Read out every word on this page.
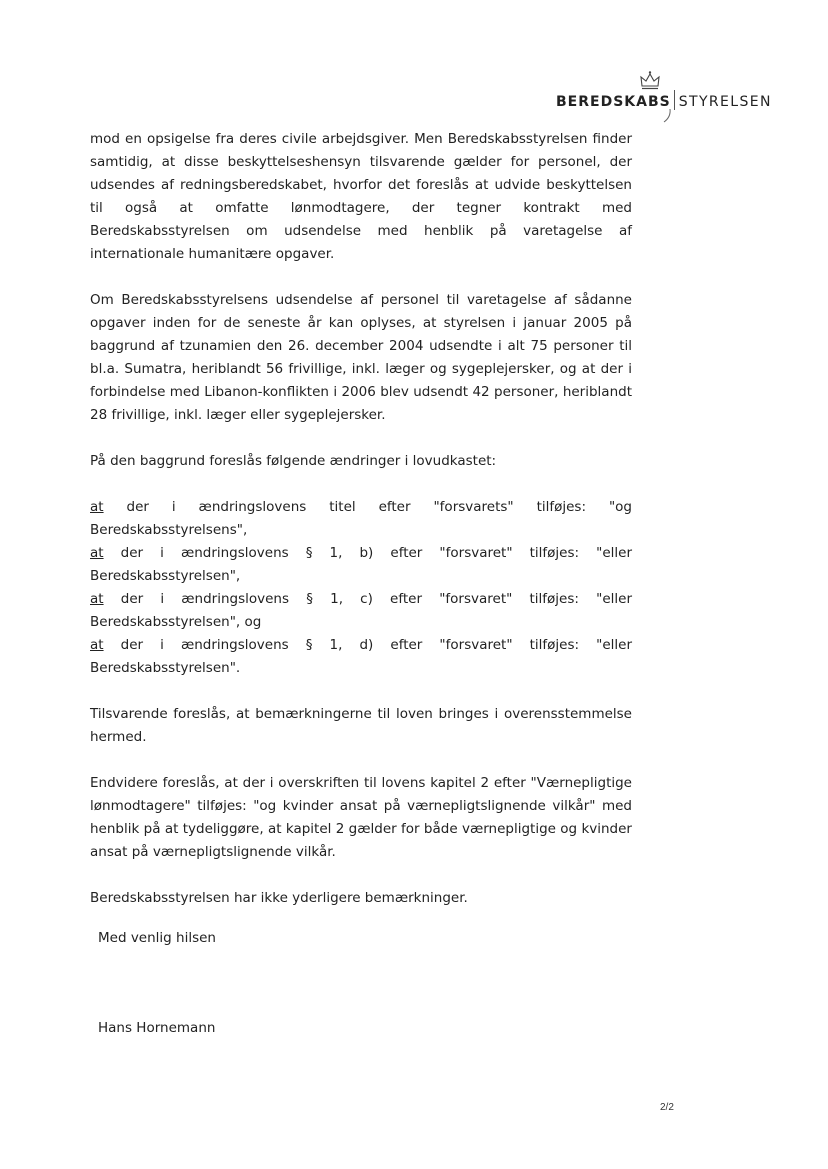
BEREDSKABS STYRELSEN

mod en opsigelse fra deres civile arbejdsgiver. Men Beredskabsstyrelsen finder samtidig, at disse beskyttelseshensyn tilsvarende gælder for personel, der udsendes af redningsberedskabet, hvorfor det foreslås at udvide beskyttelsen til også at omfatte lønmodtagere, der tegner kontrakt med Beredskabsstyrelsen om udsendelse med henblik på varetagelse af internationale humanitære opgaver.

Om Beredskabsstyrelsens udsendelse af personel til varetagelse af sådanne opgaver inden for de seneste år kan oplyses, at styrelsen i januar 2005 på baggrund af tzunamien den 26. december 2004 udsendte i alt 75 personer til bl.a. Sumatra, heriblandt 56 frivillige, inkl. læger og sygeplejersker, og at der i forbindelse med Libanon-konflikten i 2006 blev udsendt 42 personer, heriblandt 28 frivillige, inkl. læger eller sygeplejersker.

På den baggrund foreslås følgende ændringer i lovudkastet:

at der i ændringslovens titel efter "forsvarets" tilføjes: "og Beredskabsstyrelsens",

at der i ændringslovens § 1, b) efter "forsvaret" tilføjes: "eller Beredskabsstyrelsen",

at der i ændringslovens § 1, c) efter "forsvaret" tilføjes: "eller Beredskabsstyrelsen", og

at der i ændringslovens § 1, d) efter "forsvaret" tilføjes: "eller Beredskabsstyrelsen".

Tilsvarende foreslås, at bemærkningerne til loven bringes i overensstemmelse hermed.

Endvidere foreslås, at der i overskriften til lovens kapitel 2 efter "Værnepligtige lønmodtagere" tilføjes: "og kvinder ansat på værnepligtslignende vilkår" med henblik på at tydeliggøre, at kapitel 2 gælder for både værnepligtige og kvinder ansat på værnepligtslignende vilkår.

Beredskabsstyrelsen har ikke yderligere bemærkninger.

Med venlig hilsen
Hans Hornemann
2/2
